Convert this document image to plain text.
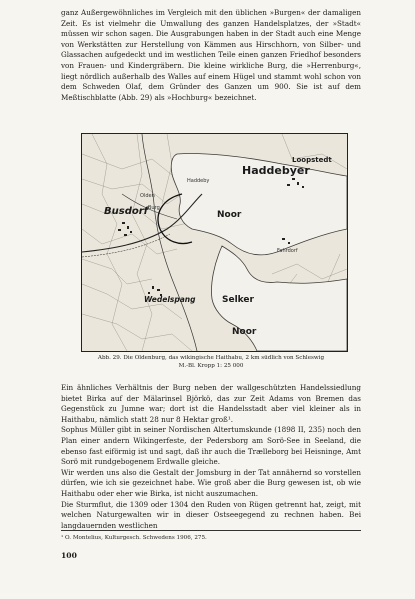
ganz Außergewöhnliches im Vergleich mit den üblichen »Burgen« der damaligen Zeit. Es ist vielmehr die Umwallung des ganzen Handelsplatzes, der »Stadt« müssen wir schon sagen. Die Ausgrabungen haben in der Stadt auch eine Menge von Werkstätten zur Herstellung von Kämmen aus Hirschhorn, von Silber- und Glassachen aufgedeckt und im westlichen Teile einen ganzen Friedhof besonders von Frauen- und Kindergräbern. Die kleine wirkliche Burg, die »Herrenburg«, liegt nördlich außerhalb des Walles auf einem Hügel und stammt wohl schon von dem Schweden Olaf, dem Gründer des Ganzen um 900. Sie ist auf dem Meßtischblatte (Abb. 29) als »Hochburg« bezeichnet.

Haddebyer
Noor
Busdorf
Loopstedt
Wedelspang	Selker
Noor
Haddeby
Olden
Burg
Fahrdorf
Abb. 29. Die Oldenburg, das wikingische Haithabu, 2 km südlich von Schleswig
M.-Bl. Kropp 1: 25 000

Ein ähnliches Verhältnis der Burg neben der wallgeschützten Handelssiedlung bietet Birka auf der Mälarinsel Björkö, das zur Zeit Adams von Bremen das Gegenstück zu Jumne war; dort ist die Handelsstadt aber viel kleiner als in Haithabu, nämlich statt 28 nur 8 Hektar groß¹.

Sophus Müller gibt in seiner Nordischen Altertumskunde (1898 II, 235) noch den Plan einer andern Wikingerfeste, der Pedersborg am Sorö-See in Seeland, die ebenso fast eiförmig ist und sagt, daß ihr auch die Trælleborg bei Heisninge, Amt Sorö mit rundgebogenem Erdwalle gleiche.

Wir werden uns also die Gestalt der Jomsburg in der Tat annähernd so vorstellen dürfen, wie ich sie gezeichnet habe. Wie groß aber die Burg gewesen ist, ob wie Haithabu oder eher wie Birka, ist nicht auszumachen.

Die Sturmflut, die 1309 oder 1304 den Ruden von Rügen getrennt hat, zeigt, mit welchen Naturgewalten wir in dieser Ostseegegend zu rechnen haben. Bei langdauernden westlichen

¹ O. Montelius, Kulturgesch. Schwedens 1906, 275.
100
